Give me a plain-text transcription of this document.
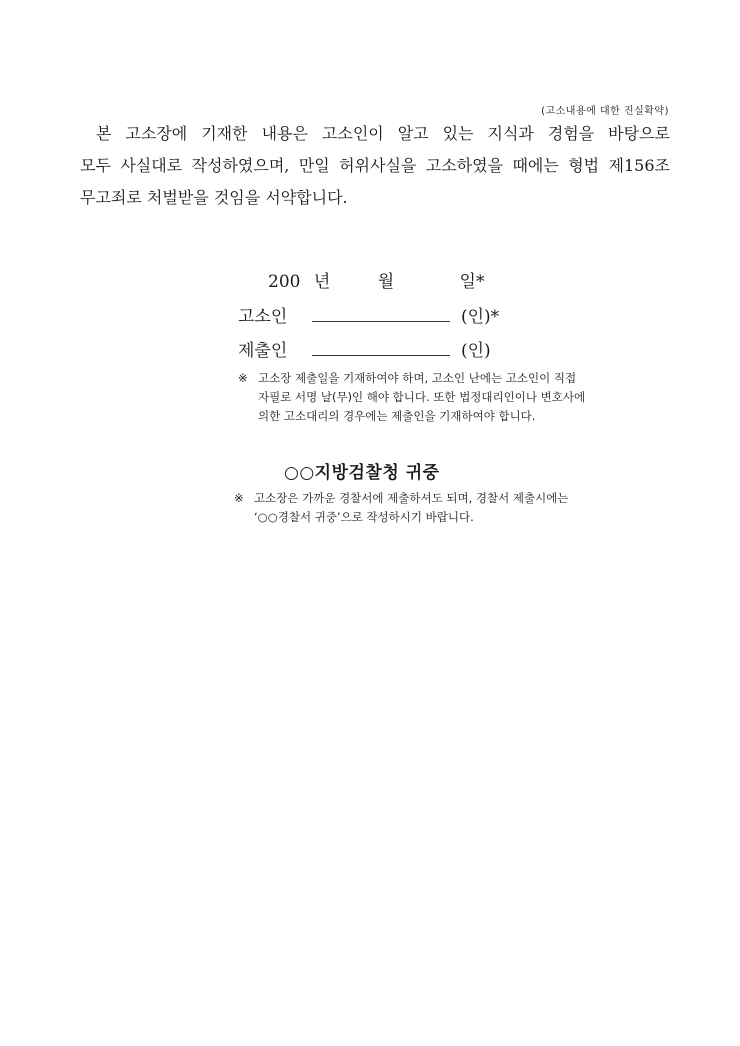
(고소내용에 대한 진실확약)

본 고소장에 기재한 내용은 고소인이 알고 있는 지식과 경험을 바탕으로
모두 사실대로 작성하였으며, 만일 허위사실을 고소하였을 때에는 형법 제156조
무고죄로 처벌받을 것임을 서약합니다.

200 년	월	일*
고소인	(인)*
제출인	(인)
※ 고소장 제출일을 기재하여야 하며, 고소인 난에는 고소인이 직접
자필로 서명 날(무)인 해야 합니다. 또한 법정대리인이나 변호사에
의한 고소대리의 경우에는 제출인을 기재하여야 합니다.
○○지방검찰청 귀중
※ 고소장은 가까운 경찰서에 제출하셔도 되며, 경찰서 제출시에는
‘○○경찰서 귀중’으로 작성하시기 바랍니다.
